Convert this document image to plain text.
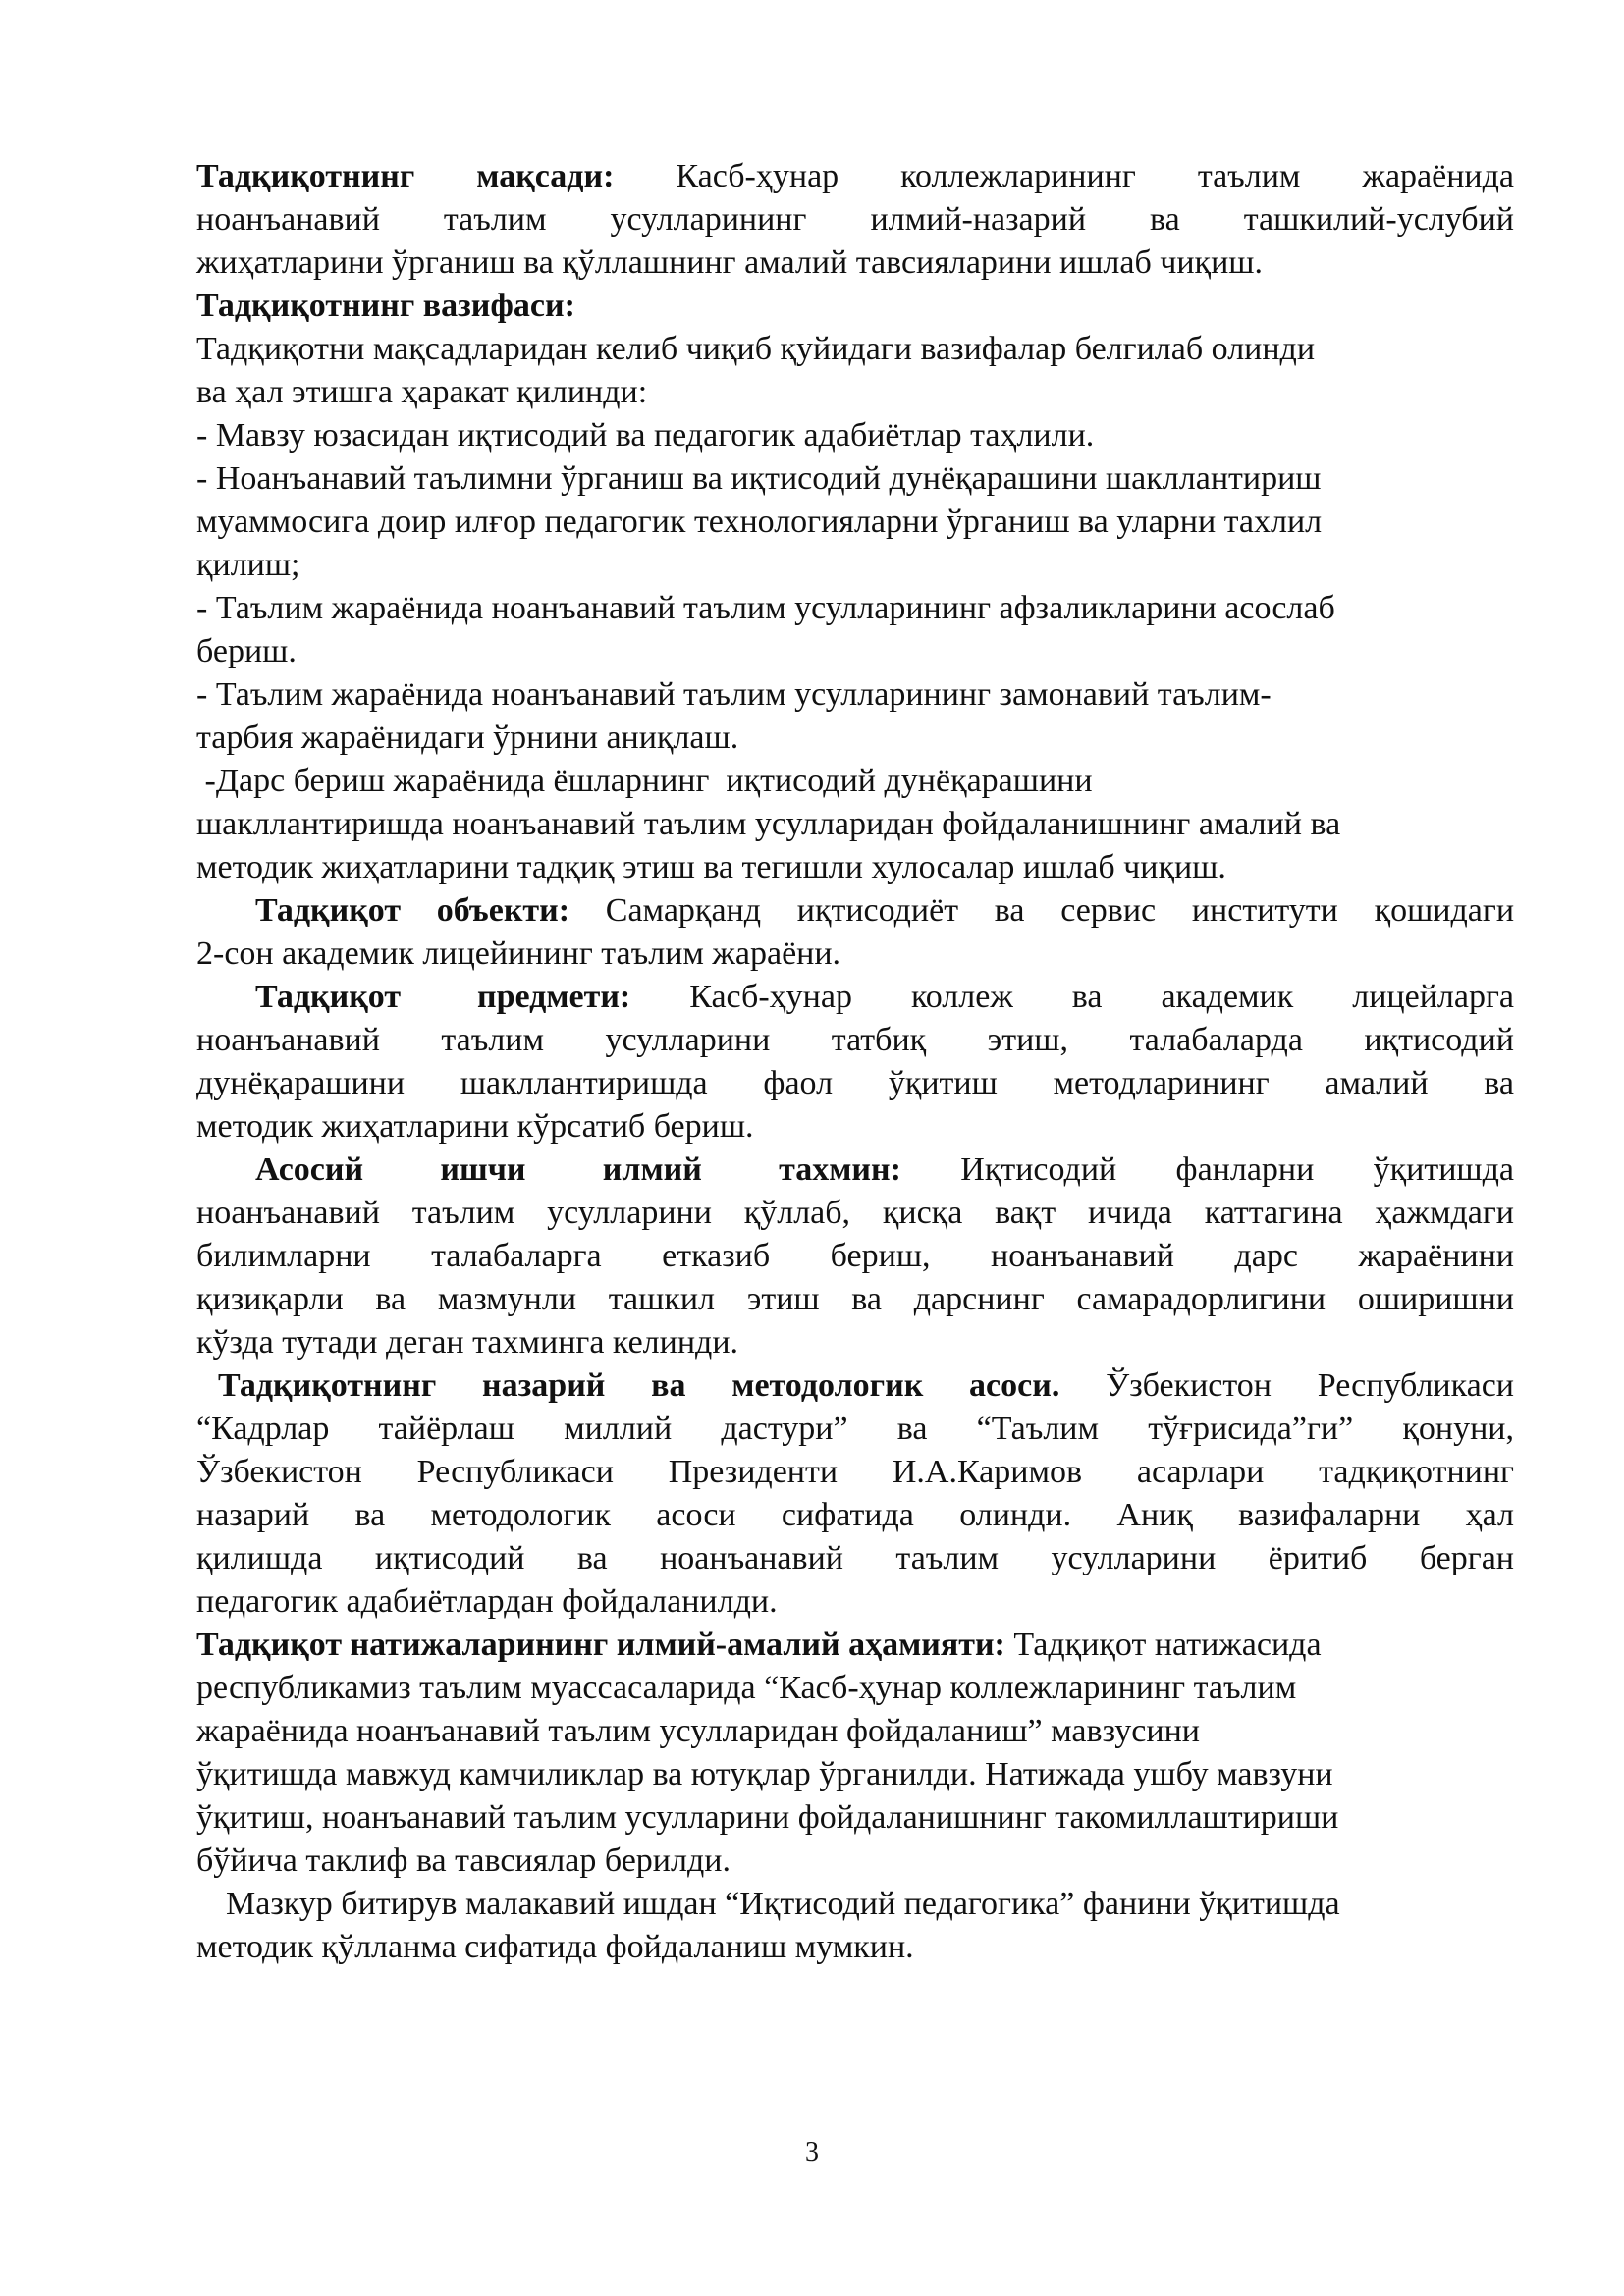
Тадқиқотнинг мақсади: Касб-ҳунар коллежларининг таълим жараёнида

ноанъанавий таълим усулларининг илмий-назарий ва ташкилий-услубий

жиҳатларини ўрганиш ва қўллашнинг амалий тавсияларини ишлаб чиқиш.

Тадқиқотнинг вазифаси:

Тадқиқотни мақсадларидан келиб чиқиб қуйидаги вазифалар белгилаб олинди

ва ҳал этишга ҳаракат қилинди:

- Мавзу юзасидан иқтисодий ва педагогик адабиётлар таҳлили.

- Ноанъанавий таълимни ўрганиш ва иқтисодий дунёқарашини шакллантириш

муаммосига доир илғор педагогик технологияларни ўрганиш ва уларни тахлил

қилиш;

- Таълим жараёнида ноанъанавий таълим усулларининг афзаликларини асослаб

бериш.

- Таълим жараёнида ноанъанавий таълим усулларининг замонавий таълим-

тарбия жараёнидаги ўрнини аниқлаш.

-Дарс бериш жараёнида ёшларнинг  иқтисодий дунёқарашини

шакллантиришда ноанъанавий таълим усулларидан фойдаланишнинг амалий ва

методик жиҳатларини тадқиқ этиш ва тегишли хулосалар ишлаб чиқиш.

Тадқиқот объекти: Самарқанд иқтисодиёт ва сервис институти қошидаги

2-сон академик лицейининг таълим жараёни.

Тадқиқот предмети: Касб-ҳунар коллеж ва академик лицейларга

ноанъанавий таълим усулларини татбиқ этиш, талабаларда иқтисодий

дунёқарашини шакллантиришда фаол ўқитиш методларининг амалий ва

методик жиҳатларини кўрсатиб бериш.

Асосий ишчи илмий тахмин: Иқтисодий фанларни ўқитишда

ноанъанавий таълим усулларини қўллаб, қисқа вақт ичида каттагина ҳажмдаги

билимларни талабаларга етказиб бериш, ноанъанавий дарс жараёнини

қизиқарли ва мазмунли ташкил этиш ва дарснинг самарадорлигини оширишни

кўзда тутади деган тахминга келинди.

Тадқиқотнинг назарий ва методологик асоси. Ўзбекистон Республикаси

“Кадрлар тайёрлаш миллий дастури” ва “Таълим тўғрисида”ги” қонуни,

Ўзбекистон Республикаси Президенти И.А.Каримов асарлари тадқиқотнинг

назарий ва методологик асоси сифатида олинди. Аниқ вазифаларни ҳал

қилишда иқтисодий ва ноанъанавий таълим усулларини ёритиб берган

педагогик адабиётлардан фойдаланилди.

Тадқиқот натижаларининг илмий-амалий аҳамияти: Тадқиқот натижасида

республикамиз таълим муассасаларида “Касб-ҳунар коллежларининг таълим

жараёнида ноанъанавий таълим усулларидан фойдаланиш” мавзусини

ўқитишда мавжуд камчиликлар ва ютуқлар ўрганилди. Натижада ушбу мавзуни

ўқитиш, ноанъанавий таълим усулларини фойдаланишнинг такомиллаштириши

бўйича таклиф ва тавсиялар берилди.

Мазкур битирув малакавий ишдан “Иқтисодий педагогика” фанини ўқитишда

методик қўлланма сифатида фойдаланиш мумкин.

3
